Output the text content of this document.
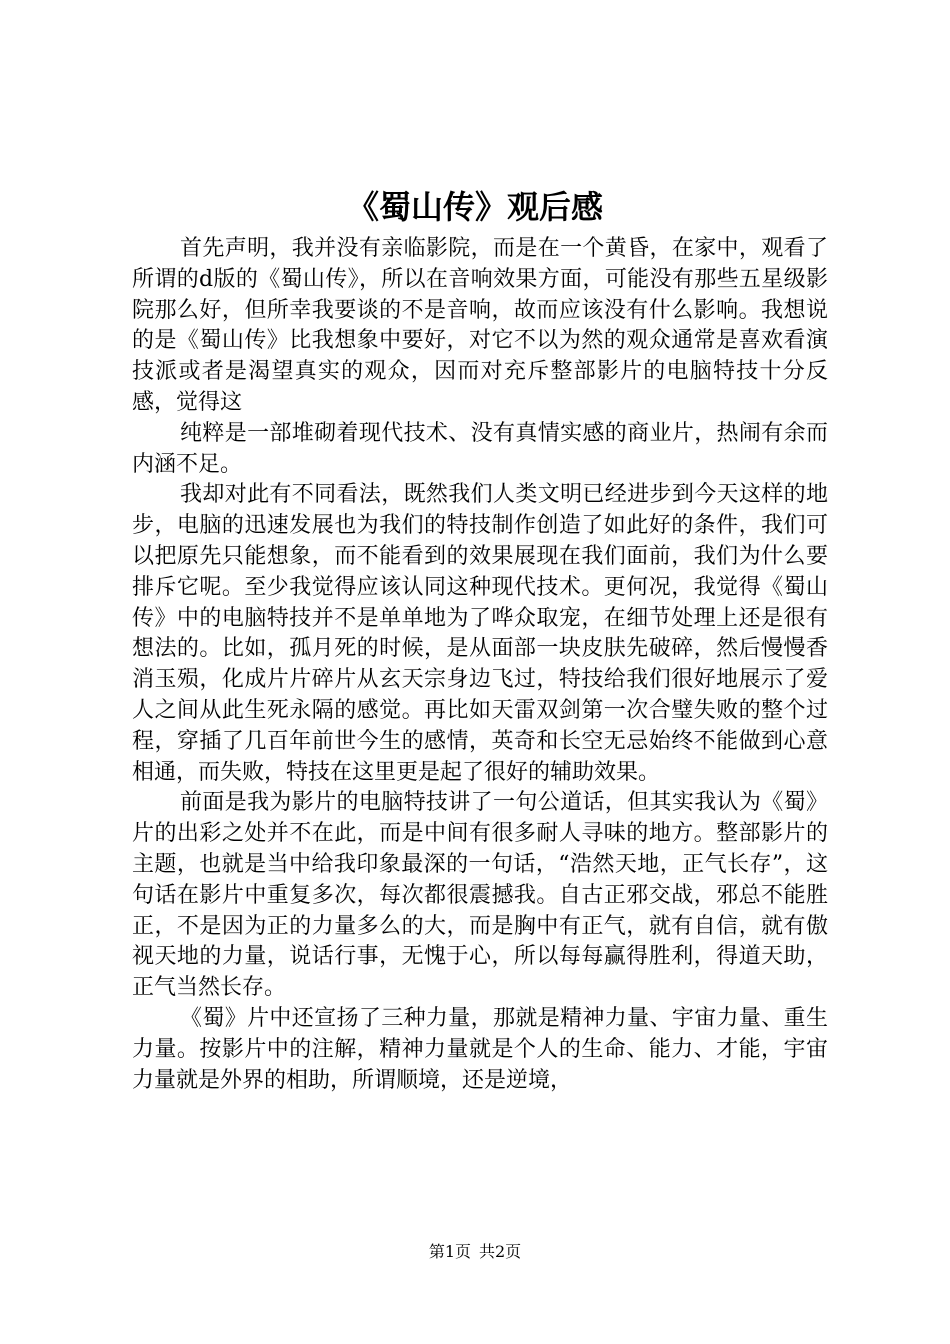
《蜀山传》观后感

首先声明，我并没有亲临影院，而是在一个黄昏，在家中，观看了所谓的d版的《蜀山传》，所以在音响效果方面，可能没有那些五星级影院那么好，但所幸我要谈的不是音响，故而应该没有什么影响。我想说的是《蜀山传》比我想象中要好，对它不以为然的观众通常是喜欢看演技派或者是渴望真实的观众，因而对充斥整部影片的电脑特技十分反感，觉得这

纯粹是一部堆砌着现代技术、没有真情实感的商业片，热闹有余而内涵不足。

我却对此有不同看法，既然我们人类文明已经进步到今天这样的地步，电脑的迅速发展也为我们的特技制作创造了如此好的条件，我们可以把原先只能想象，而不能看到的效果展现在我们面前，我们为什么要排斥它呢。至少我觉得应该认同这种现代技术。更何况，我觉得《蜀山传》中的电脑特技并不是单单地为了哗众取宠，在细节处理上还是很有想法的。比如，孤月死的时候，是从面部一块皮肤先破碎，然后慢慢香消玉殒，化成片片碎片从玄天宗身边飞过，特技给我们很好地展示了爱人之间从此生死永隔的感觉。再比如天雷双剑第一次合璧失败的整个过程，穿插了几百年前世今生的感情，英奇和长空无忌始终不能做到心意相通，而失败，特技在这里更是起了很好的辅助效果。

前面是我为影片的电脑特技讲了一句公道话，但其实我认为《蜀》片的出彩之处并不在此，而是中间有很多耐人寻味的地方。整部影片的主题，也就是当中给我印象最深的一句话，“浩然天地，正气长存”，这句话在影片中重复多次，每次都很震撼我。自古正邪交战，邪总不能胜正，不是因为正的力量多么的大，而是胸中有正气，就有自信，就有傲视天地的力量，说话行事，无愧于心，所以每每赢得胜利，得道天助，正气当然长存。

《蜀》片中还宣扬了三种力量，那就是精神力量、宇宙力量、重生力量。按影片中的注解，精神力量就是个人的生命、能力、才能，宇宙力量就是外界的相助，所谓顺境，还是逆境，

第1页 共2页
